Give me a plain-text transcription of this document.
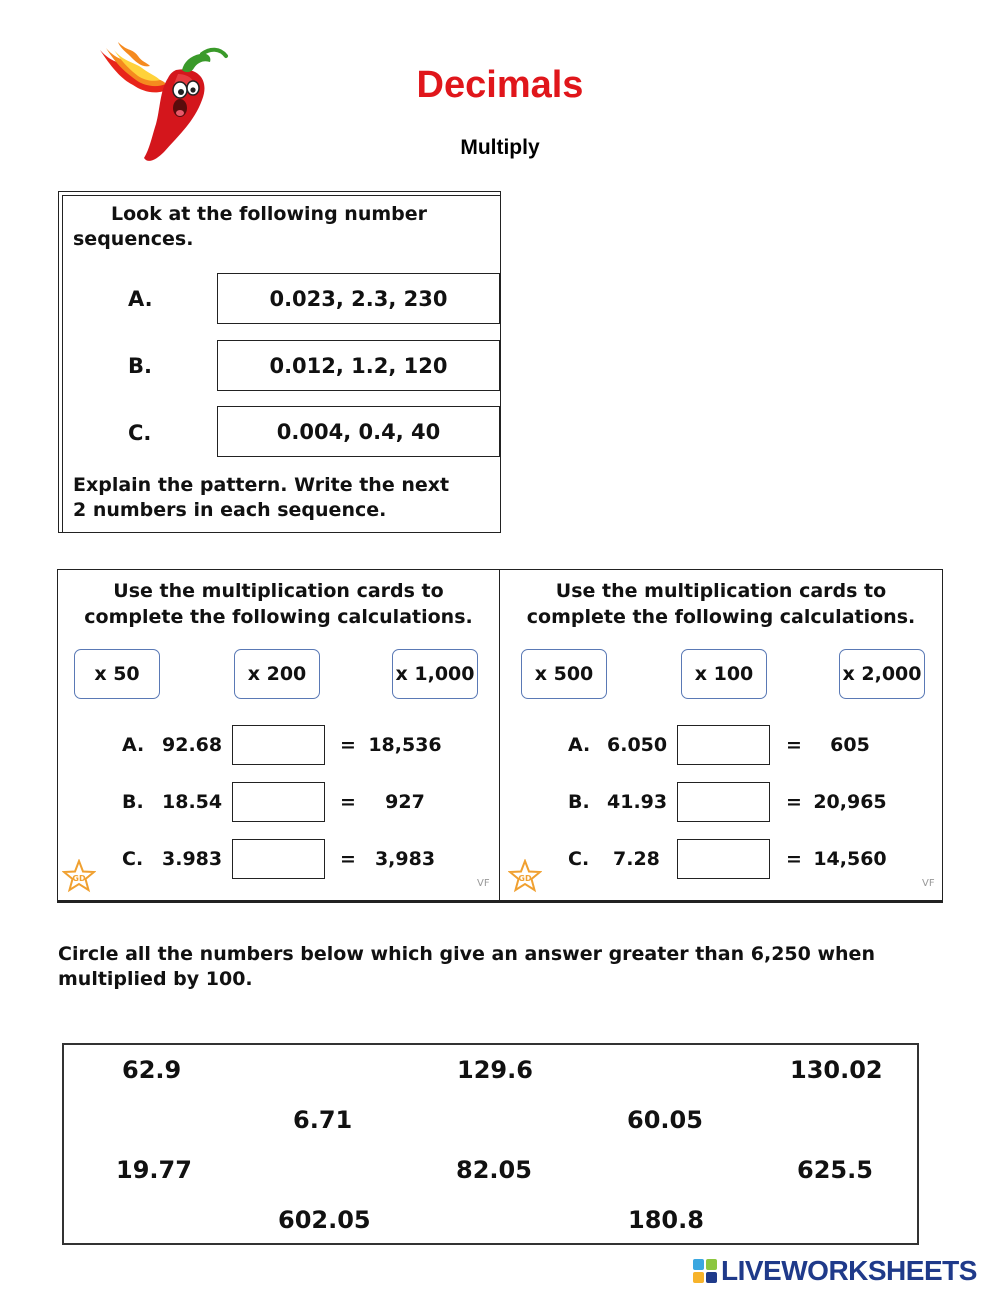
Decimals
Multiply
Look at the following number sequences.
A.	0.023, 2.3, 230
B.	0.012, 1.2, 120
C.	0.004, 0.4, 40
Explain the pattern. Write the next 2 numbers in each sequence.
Use the multiplication cards to complete the following calculations.
x 50	x 200	x 1,000
A. 92.68	= 18,536
B. 18.54	=	927
C. 3.983	=	3,983
GD	VF
Use the multiplication cards to complete the following calculations.
x 500	x 100	x 2,000
A. 6.050	=	605
B. 41.93	= 20,965
C. 7.28	= 14,560
GD	VF
Circle all the numbers below which give an answer greater than 6,250 when multiplied by 100.
62.9	129.6	130.02
6.71	60.05
19.77	82.05	625.5
602.05	180.8
LIVEWORKSHEETS
